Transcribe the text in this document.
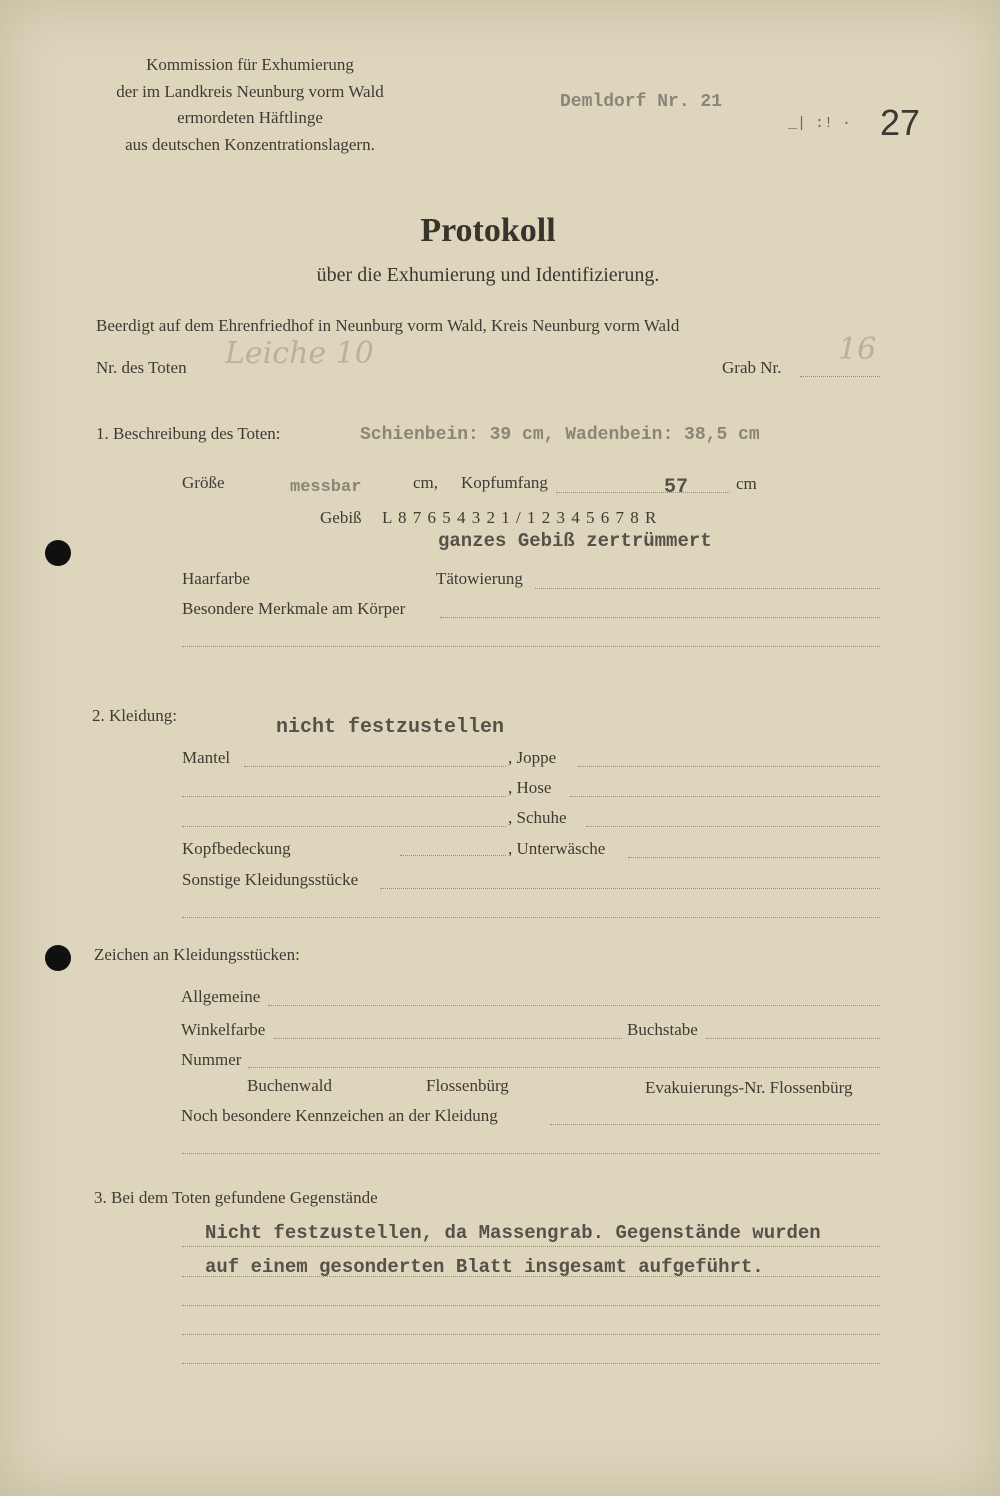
Kommission für Exhumierung
der im Landkreis Neunburg vorm Wald
ermordeten Häftlinge
aus deutschen Konzentrationslagern.
Demldorf Nr. 21
_| :! · 27
Protokoll
über die Exhumierung und Identifizierung.
Beerdigt auf dem Ehrenfriedhof in Neunburg vorm Wald, Kreis Neunburg vorm Wald
Nr. des Toten Leiche 10	Grab Nr.
16
1. Beschreibung des Toten:	Schienbein: 39 cm, Wadenbein: 38,5 cm
Größe	messbar	cm, Kopfumfang	57	cm
Gebiß L 8 7 6 5 4 3 2 1 / 1 2 3 4 5 6 7 8 R
ganzes Gebiß zertrümmert
Haarfarbe	Tätowierung
Besondere Merkmale am Körper
2. Kleidung:
nicht festzustellen
Mantel	, Joppe
, Hose
, Schuhe
Kopfbedeckung	, Unterwäsche
Sonstige Kleidungsstücke
Zeichen an Kleidungsstücken:
Allgemeine
Winkelfarbe	Buchstabe
Nummer
Buchenwald	Flossenbürg	Evakuierungs-Nr. Flossenbürg
Noch besondere Kennzeichen an der Kleidung
3. Bei dem Toten gefundene Gegenstände
Nicht festzustellen, da Massengrab. Gegenstände wurden
auf einem gesonderten Blatt insgesamt aufgeführt.
